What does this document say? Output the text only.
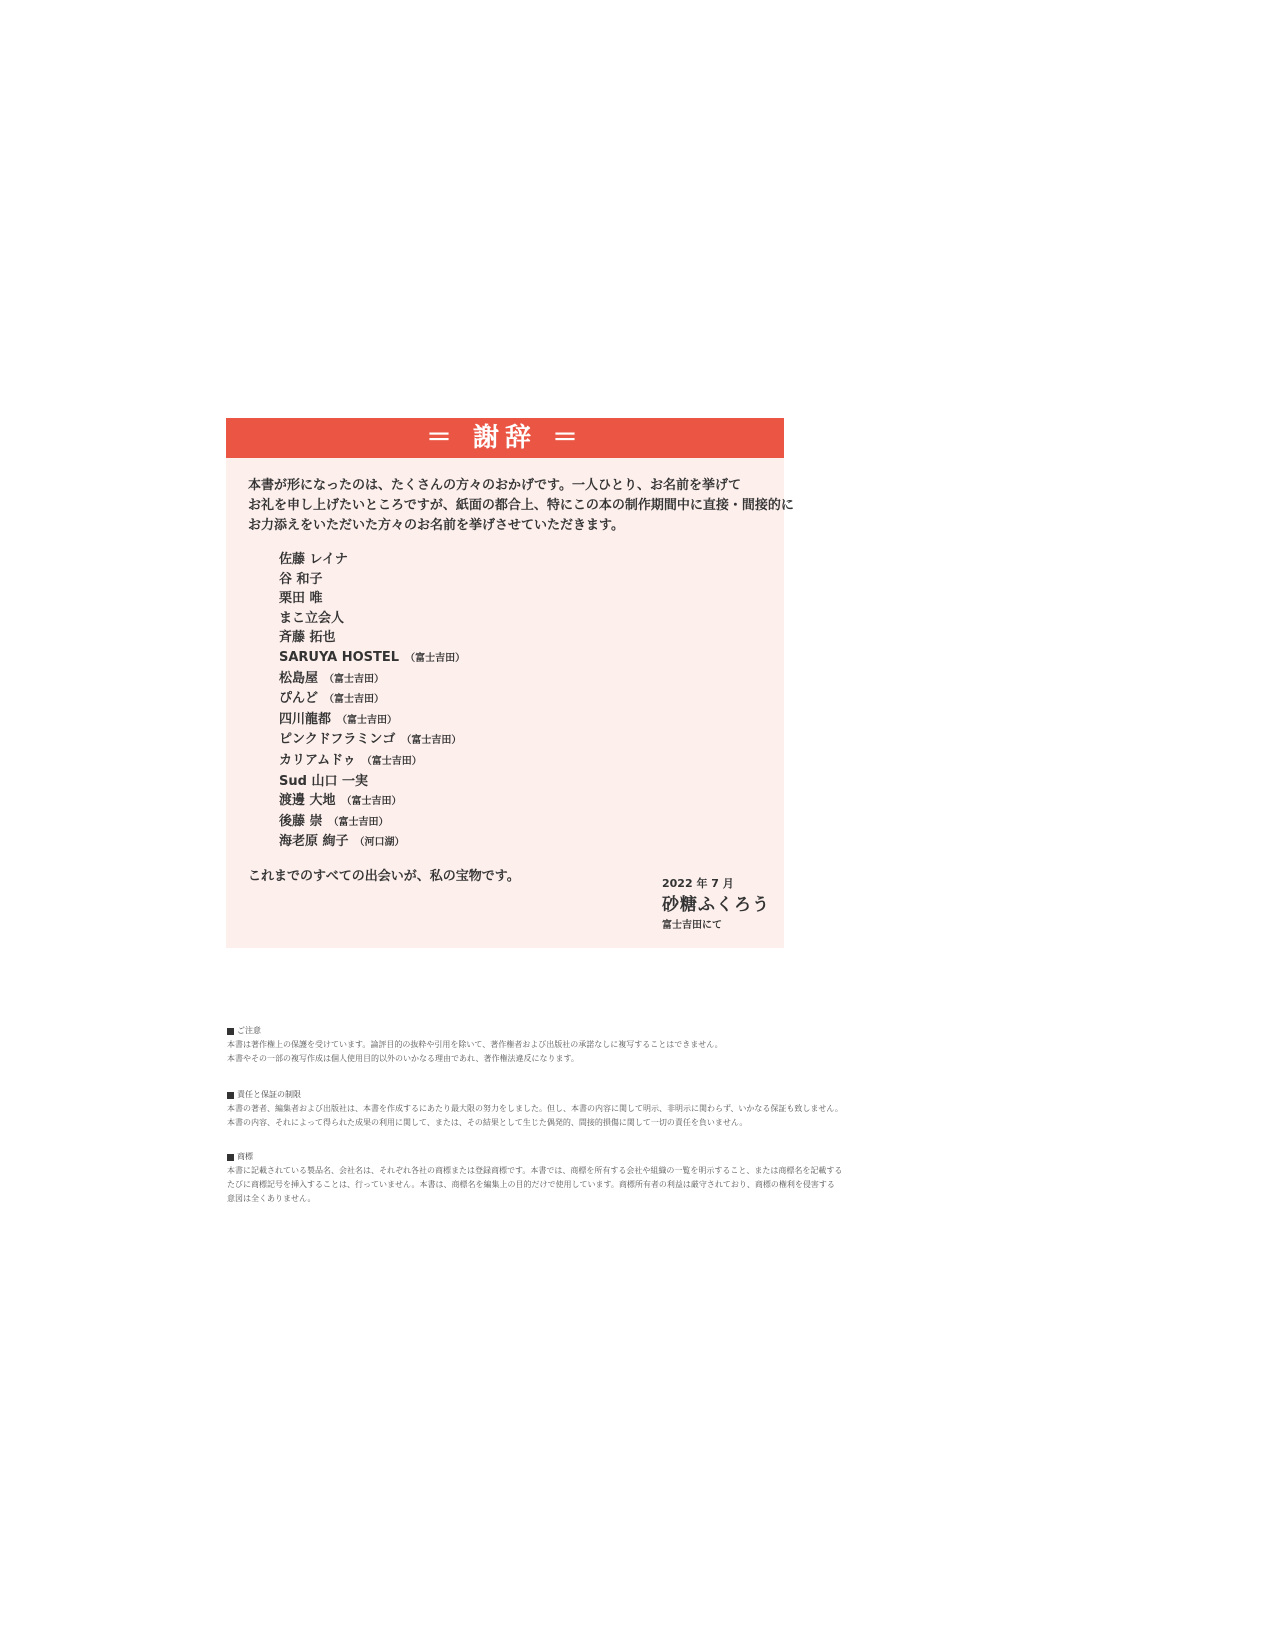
＝ 謝辞 ＝
本書が形になったのは、たくさんの方々のおかげです。一人ひとり、お名前を挙げて
お礼を申し上げたいところですが、紙面の都合上、特にこの本の制作期間中に直接・間接的に
お力添えをいただいた方々のお名前を挙げさせていただきます。
佐藤 レイナ
谷 和子
栗田 唯
まこ立会人
斉藤 拓也
SARUYA HOSTEL （富士吉田）
松島屋 （富士吉田）
ぴんど （富士吉田）
四川龍都 （富士吉田）
ピンクドフラミンゴ （富士吉田）
カリアムドゥ （富士吉田）
Sud 山口 一実
渡邊 大地 （富士吉田）
後藤 崇 （富士吉田）
海老原 絢子 （河口湖）
これまでのすべての出会いが、私の宝物です。	2022 年 7 月
砂糖ふくろう
富士吉田にて
ご注意

本書は著作権上の保護を受けています。論評目的の抜粋や引用を除いて、著作権者および出版社の承諾なしに複写することはできません。

本書やその一部の複写作成は個人使用目的以外のいかなる理由であれ、著作権法違反になります。

責任と保証の制限

本書の著者、編集者および出版社は、本書を作成するにあたり最大限の努力をしました。但し、本書の内容に関して明示、非明示に関わらず、いかなる保証も致しません。

本書の内容、それによって得られた成果の利用に関して、または、その結果として生じた偶発的、間接的損傷に関して一切の責任を負いません。

商標

本書に記載されている製品名、会社名は、それぞれ各社の商標または登録商標です。本書では、商標を所有する会社や組織の一覧を明示すること、または商標名を記載する

たびに商標記号を挿入することは、行っていません。本書は、商標名を編集上の目的だけで使用しています。商標所有者の利益は厳守されており、商標の権利を侵害する

意図は全くありません。
